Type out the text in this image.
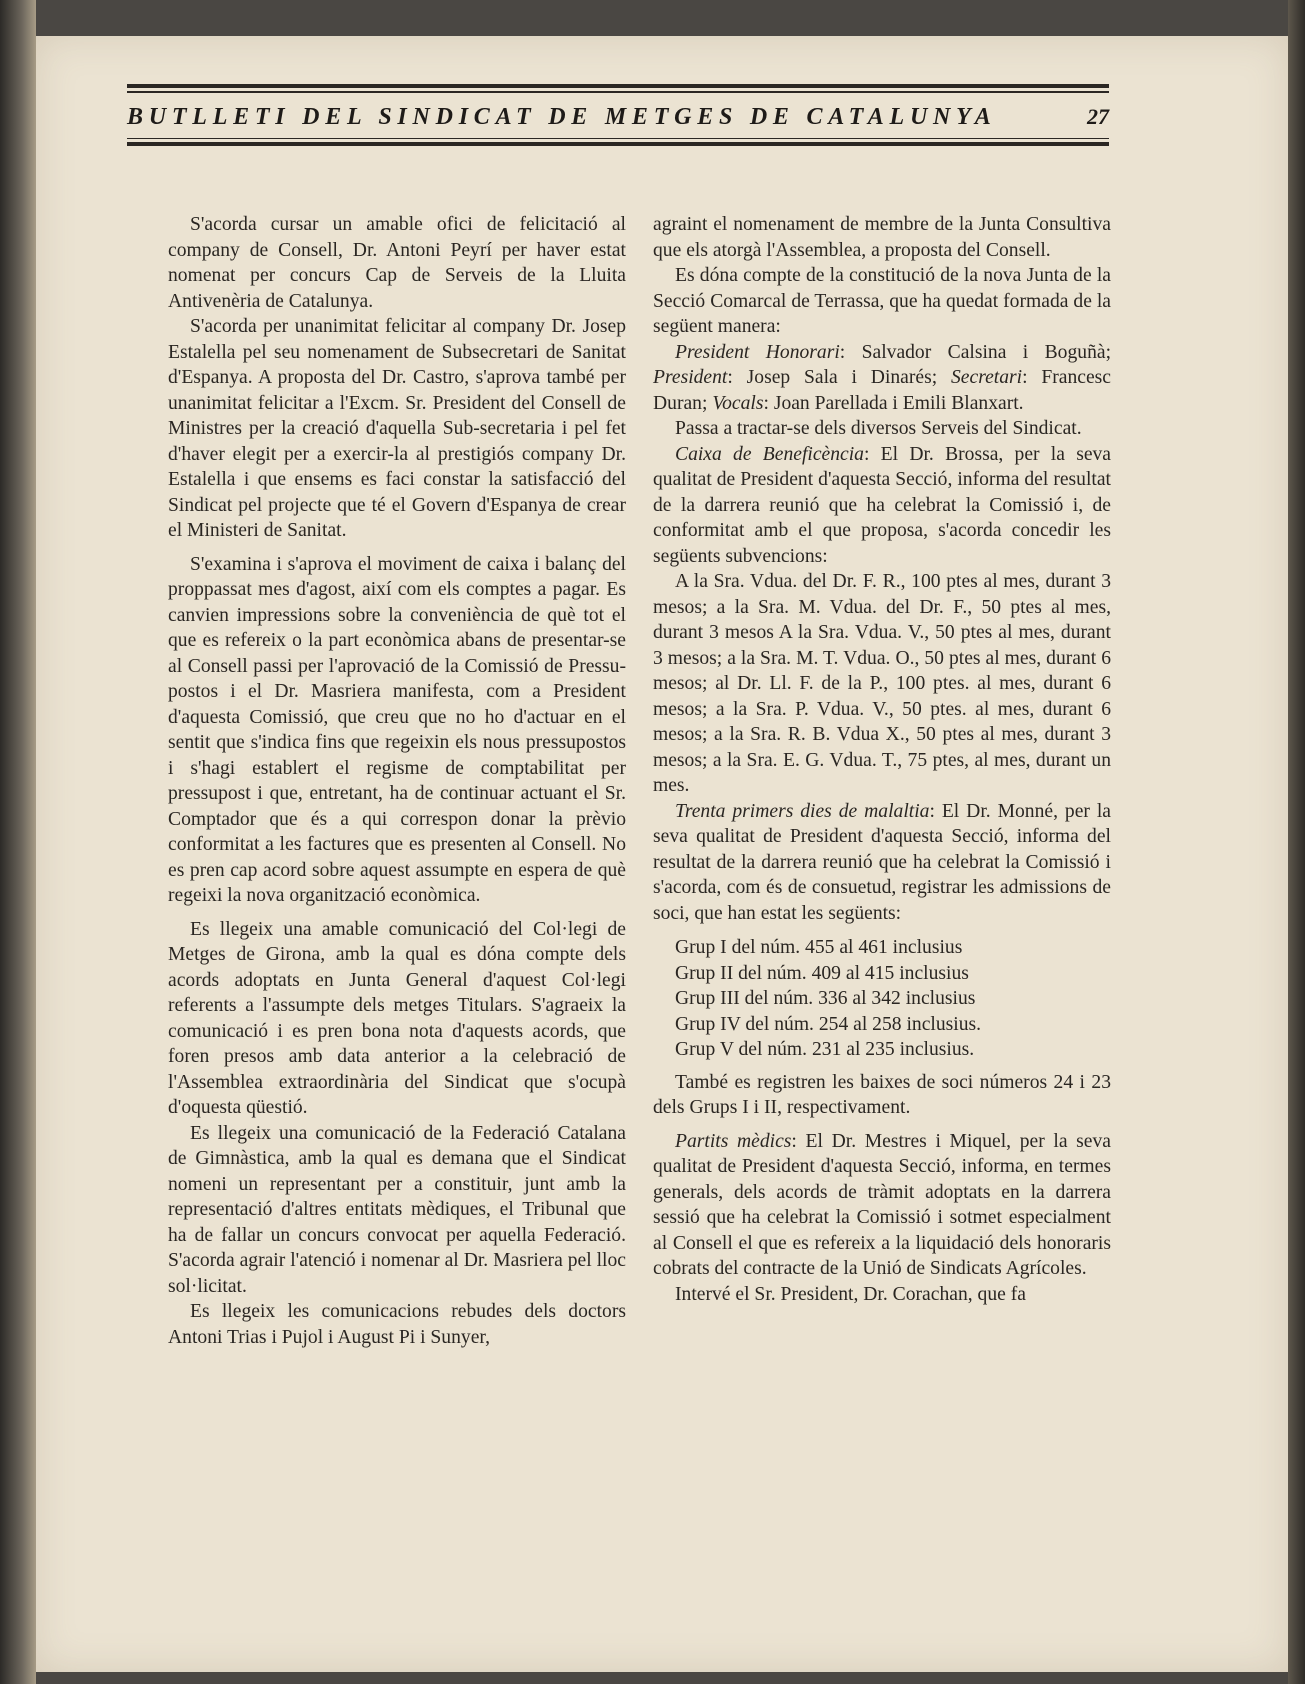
BUTLLETI DEL SINDICAT DE METGES DE CATALUNYA	27

S'acorda cursar un amable ofici de felicitació al company de Consell, Dr. Antoni Peyrí per haver estat nomenat per concurs Cap de Serveis de la Lluita Antivenèria de Catalunya.

S'acorda per unanimitat felicitar al company Dr. Josep Estalella pel seu nomenament de Subsecretari de Sanitat d'Espanya. A proposta del Dr. Castro, s'aprova també per unanimitat felicitar a l'Excm. Sr. President del Consell de Ministres per la creació d'aquella Sub-secretaria i pel fet d'haver elegit per a exercir-la al prestigiós company Dr. Estalella i que ensems es faci constar la satisfacció del Sindicat pel projecte que té el Govern d'Espanya de crear el Ministeri de Sanitat.

S'examina i s'aprova el moviment de caixa i balanç del proppassat mes d'agost, així com els comptes a pagar. Es canvien impressions sobre la conveniència de què tot el que es refereix o la part econòmica abans de presentar-se al Consell passi per l'aprovació de la Comissió de Pressupostos i el Dr. Masriera manifesta, com a President d'aquesta Comissió, que creu que no ho d'actuar en el sentit que s'indica fins que regeixin els nous pressupostos i s'hagi establert el regisme de comptabilitat per pressupost i que, entretant, ha de continuar actuant el Sr. Comptador que és a qui correspon donar la prèvio conformitat a les factures que es presenten al Consell. No es pren cap acord sobre aquest assumpte en espera de què regeixi la nova organització econòmica.

Es llegeix una amable comunicació del Col·legi de Metges de Girona, amb la qual es dóna compte dels acords adoptats en Junta General d'aquest Col·legi referents a l'assumpte dels metges Titulars. S'agraeix la comunicació i es pren bona nota d'aquests acords, que foren presos amb data anterior a la celebració de l'Assemblea extraordinària del Sindicat que s'ocupà d'oquesta qüestió.

Es llegeix una comunicació de la Federació Catalana de Gimnàstica, amb la qual es demana que el Sindicat nomeni un representant per a constituir, junt amb la representació d'altres entitats mèdiques, el Tribunal que ha de fallar un concurs convocat per aquella Federació. S'acorda agrair l'atenció i nomenar al Dr. Masriera pel lloc sol·licitat.

Es llegeix les comunicacions rebudes dels doctors Antoni Trias i Pujol i August Pi i Sunyer,

agraint el nomenament de membre de la Junta Consultiva que els atorgà l'Assemblea, a proposta del Consell.

Es dóna compte de la constitució de la nova Junta de la Secció Comarcal de Terrassa, que ha quedat formada de la següent manera:

President Honorari: Salvador Calsina i Boguñà; President: Josep Sala i Dinarés; Secretari: Francesc Duran; Vocals: Joan Parellada i Emili Blanxart.

Passa a tractar-se dels diversos Serveis del Sindicat.

Caixa de Beneficència: El Dr. Brossa, per la seva qualitat de President d'aquesta Secció, informa del resultat de la darrera reunió que ha celebrat la Comissió i, de conformitat amb el que proposa, s'acorda concedir les següents subvencions:

A la Sra. Vdua. del Dr. F. R., 100 ptes al mes, durant 3 mesos; a la Sra. M. Vdua. del Dr. F., 50 ptes al mes, durant 3 mesos A la Sra. Vdua. V., 50 ptes al mes, durant 3 mesos; a la Sra. M. T. Vdua. O., 50 ptes al mes, durant 6 mesos; al Dr. Ll. F. de la P., 100 ptes. al mes, durant 6 mesos; a la Sra. P. Vdua. V., 50 ptes. al mes, durant 6 mesos; a la Sra. R. B. Vdua X., 50 ptes al mes, durant 3 mesos; a la Sra. E. G. Vdua. T., 75 ptes, al mes, durant un mes.

Trenta primers dies de malaltia: El Dr. Monné, per la seva qualitat de President d'aquesta Secció, informa del resultat de la darrera reunió que ha celebrat la Comissió i s'acorda, com és de consuetud, registrar les admissions de soci, que han estat les següents:

Grup I del núm. 455 al 461 inclusius
Grup II del núm. 409 al 415 inclusius
Grup III del núm. 336 al 342 inclusius
Grup IV del núm. 254 al 258 inclusius.
Grup V del núm. 231 al 235 inclusius.

També es registren les baixes de soci números 24 i 23 dels Grups I i II, respectivament.

Partits mèdics: El Dr. Mestres i Miquel, per la seva qualitat de President d'aquesta Secció, informa, en termes generals, dels acords de tràmit adoptats en la darrera sessió que ha celebrat la Comissió i sotmet especialment al Consell el que es refereix a la liquidació dels honoraris cobrats del contracte de la Unió de Sindicats Agrícoles.

Intervé el Sr. President, Dr. Corachan, que fa
